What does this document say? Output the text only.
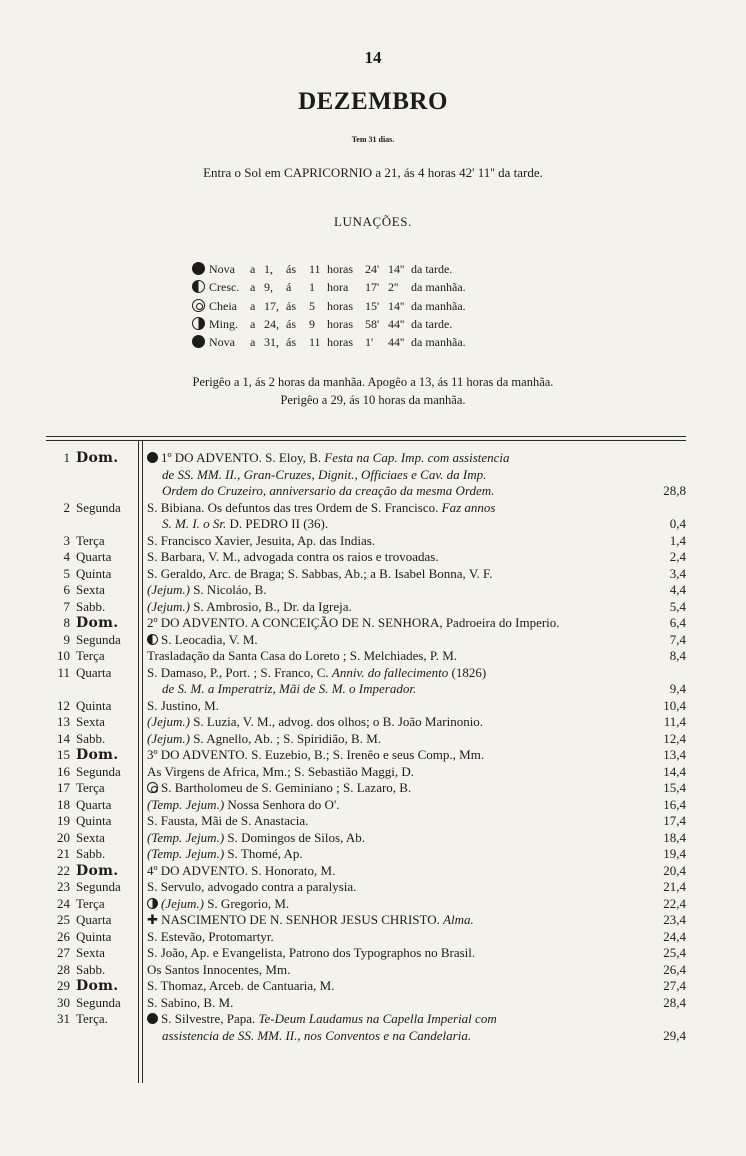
14
DEZEMBRO
Tem 31 dias.
Entra o Sol em CAPRICORNIO a 21, ás 4 horas 42' 11'' da tarde.
LUNAÇÕES.
Nova a 1, ás 11 horas 24' 14'' da tarde.
Cresc. a 9, á 1 hora 17' 2'' da manhãa.
Cheia a 17, ás 5 horas 15' 14'' da manhãa.
Ming. a 24, ás 9 horas 58' 44'' da tarde.
Nova a 31, ás 11 horas 1' 44'' da manhãa.
Perigêo a 1, ás 2 horas da manhãa. Apogêo a 13, ás 11 horas da manhãa.
Perigêo a 29, ás 10 horas da manhãa.
1 Dom.	1º DO ADVENTO. S. Eloy, B. Festa na Cap. Imp. com assistencia
de SS. MM. II., Gran-Cruzes, Dignit., Officiaes e Cav. da Imp.
Ordem do Cruzeiro, anniversario da creação da mesma Ordem.	28,8
2 Segunda S. Bibiana. Os defuntos das tres Ordem de S. Francisco. Faz annos
S. M. I. o Sr. D. PEDRO II (36).	0,4
3 Terça	S. Francisco Xavier, Jesuita, Ap. das Indias.	1,4
4 Quarta	S. Barbara, V. M., advogada contra os raios e trovoadas.	2,4
5 Quinta	S. Geraldo, Arc. de Braga; S. Sabbas, Ab.; a B. Isabel Bonna, V. F.	3,4
6 Sexta	(Jejum.) S. Nicoláo, B.	4,4
7 Sabb.	(Jejum.) S. Ambrosio, B., Dr. da Igreja.	5,4
8 Dom. 2º DO ADVENTO. A CONCEIÇÃO DE N. SENHORA, Padroeira do Imperio.	6,4
9 Segunda	S. Leocadia, V. M.	7,4
10 Terça	Trasladação da Santa Casa do Loreto ; S. Melchiades, P. M.	8,4
11 Quarta	S. Damaso, P., Port. ; S. Franco, C. Anniv. do fallecimento (1826)
de S. M. a Imperatriz, Mãi de S. M. o Imperador.	9,4
12 Quinta	S. Justino, M.	10,4
13 Sexta	(Jejum.) S. Luzia, V. M., advog. dos olhos; o B. João Marinonio.	11,4
14 Sabb.	(Jejum.) S. Agnello, Ab. ; S. Spiridião, B. M.	12,4
15 Dom. 3º DO ADVENTO. S. Euzebio, B.; S. Irenêo e seus Comp., Mm.	13,4
16 Segunda As Virgens de Africa, Mm.; S. Sebastião Maggi, D.	14,4
17 Terça	S. Bartholomeu de S. Geminiano ; S. Lazaro, B.	15,4
18 Quarta	(Temp. Jejum.) Nossa Senhora do O'.	16,4
19 Quinta	S. Fausta, Mãi de S. Anastacia.	17,4
20 Sexta	(Temp. Jejum.) S. Domingos de Silos, Ab.	18,4
21 Sabb.	(Temp. Jejum.) S. Thomé, Ap.	19,4
22 Dom. 4º DO ADVENTO. S. Honorato, M.	20,4
23 Segunda S. Servulo, advogado contra a paralysia.	21,4
24 Terça	(Jejum.) S. Gregorio, M.	22,4
25 Quarta	✚ NASCIMENTO DE N. SENHOR JESUS CHRISTO. Alma.	23,4
26 Quinta	S. Estevão, Protomartyr.	24,4
27 Sexta	S. João, Ap. e Evangelista, Patrono dos Typographos no Brasil.	25,4
28 Sabb.	Os Santos Innocentes, Mm.	26,4
29 Dom. S. Thomaz, Arceb. de Cantuaria, M.	27,4
30 Segunda S. Sabino, B. M.	28,4
31 Terça.	S. Silvestre, Papa. Te-Deum Laudamus na Capella Imperial com
assistencia de SS. MM. II., nos Conventos e na Candelaria.	29,4
